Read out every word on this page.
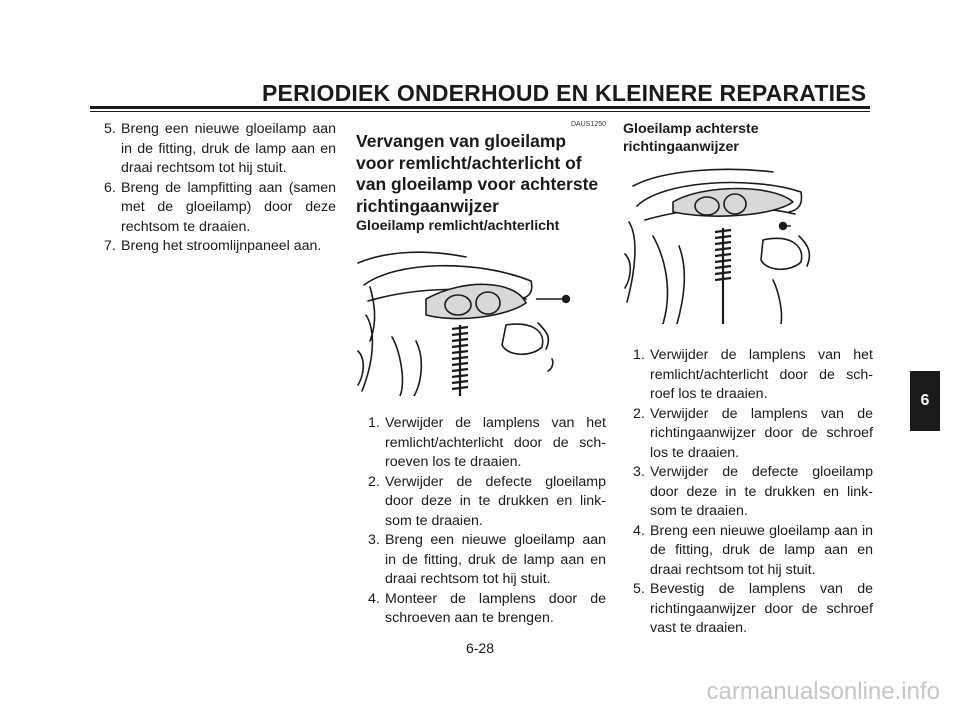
PERIODIEK ONDERHOUD EN KLEINERE REPARATIES
5. Breng een nieuwe gloeilamp aan in de fitting, druk de lamp aan en draai rechtsom tot hij stuit.
6. Breng de lampfitting aan (samen met de gloeilamp) door deze rechtsom te draaien.
7. Breng het stroomlijnpaneel aan.
DAUS1250
Vervangen van gloeilamp voor remlicht/achterlicht of van gloeilamp voor achterste richtingaanwijzer
Gloeilamp remlicht/achterlicht
1. Verwijder de lamplens van het remlicht/achterlicht door de sch-roeven los te draaien.
2. Verwijder de defecte gloeilamp door deze in te drukken en link-som te draaien.
3. Breng een nieuwe gloeilamp aan in de fitting, druk de lamp aan en draai rechtsom tot hij stuit.
4. Monteer de lamplens door de schroeven aan te brengen.
Gloeilamp achterste richtingaanwijzer
1. Verwijder de lamplens van het remlicht/achterlicht door de sch-roef los te draaien.
2. Verwijder de lamplens van de richtingaanwijzer door de schroef los te draaien.
3. Verwijder de defecte gloeilamp door deze in te drukken en link-som te draaien.
4. Breng een nieuwe gloeilamp aan in de fitting, druk de lamp aan en draai rechtsom tot hij stuit.
5. Bevestig de lamplens van de richtingaanwijzer door de schroef vast te draaien.
6
6-28
carmanualsonline.info
